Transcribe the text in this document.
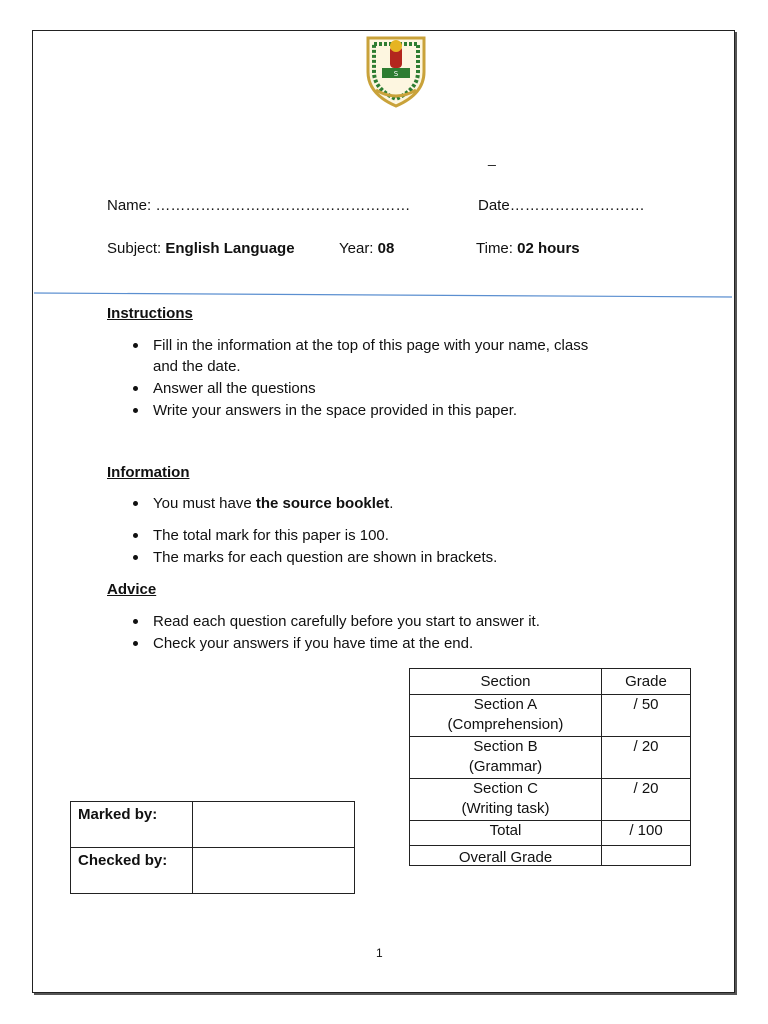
S
_
Name: ……………………………………………	Date………………………
Subject: English Language	Year: 08	Time: 02 hours
Instructions
Fill in the information at the top of this page with your name, class and the date.
Answer all the questions
Write your answers in the space provided in this paper.
Information
You must have the source booklet.
The total mark for this paper is 100.
The marks for each question are shown in brackets.
Advice
Read each question carefully before you start to answer it.
Check your answers if you have time at the end.
Section	Grade

Section A
(Comprehension)	/ 50

Section B
(Grammar)	/ 20

Section C
(Writing task)	/ 20
Total	/ 100

Overall Grade	

Marked by:	
Checked by:	
1
